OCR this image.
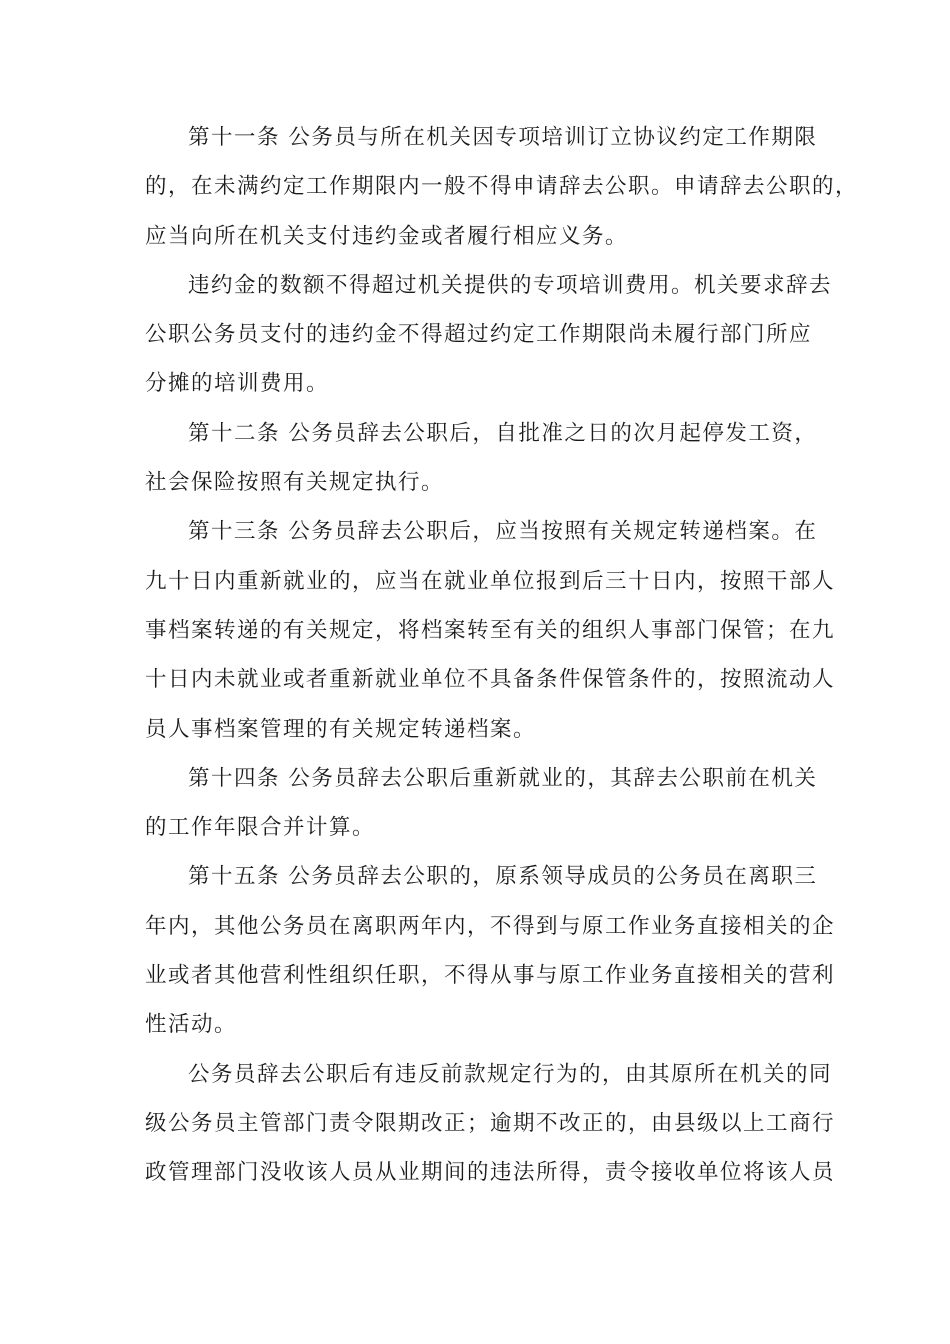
第十一条 公务员与所在机关因专项培训订立协议约定工作期限
的，在未满约定工作期限内一般不得申请辞去公职。申请辞去公职的，
应当向所在机关支付违约金或者履行相应义务。

违约金的数额不得超过机关提供的专项培训费用。机关要求辞去
公职公务员支付的违约金不得超过约定工作期限尚未履行部门所应
分摊的培训费用。

第十二条 公务员辞去公职后，自批准之日的次月起停发工资，
社会保险按照有关规定执行。

第十三条 公务员辞去公职后，应当按照有关规定转递档案。在
九十日内重新就业的，应当在就业单位报到后三十日内，按照干部人
事档案转递的有关规定，将档案转至有关的组织人事部门保管；在九
十日内未就业或者重新就业单位不具备条件保管条件的，按照流动人
员人事档案管理的有关规定转递档案。

第十四条 公务员辞去公职后重新就业的，其辞去公职前在机关
的工作年限合并计算。

第十五条 公务员辞去公职的，原系领导成员的公务员在离职三
年内，其他公务员在离职两年内，不得到与原工作业务直接相关的企
业或者其他营利性组织任职，不得从事与原工作业务直接相关的营利
性活动。

公务员辞去公职后有违反前款规定行为的，由其原所在机关的同
级公务员主管部门责令限期改正；逾期不改正的，由县级以上工商行
政管理部门没收该人员从业期间的违法所得，责令接收单位将该人员
